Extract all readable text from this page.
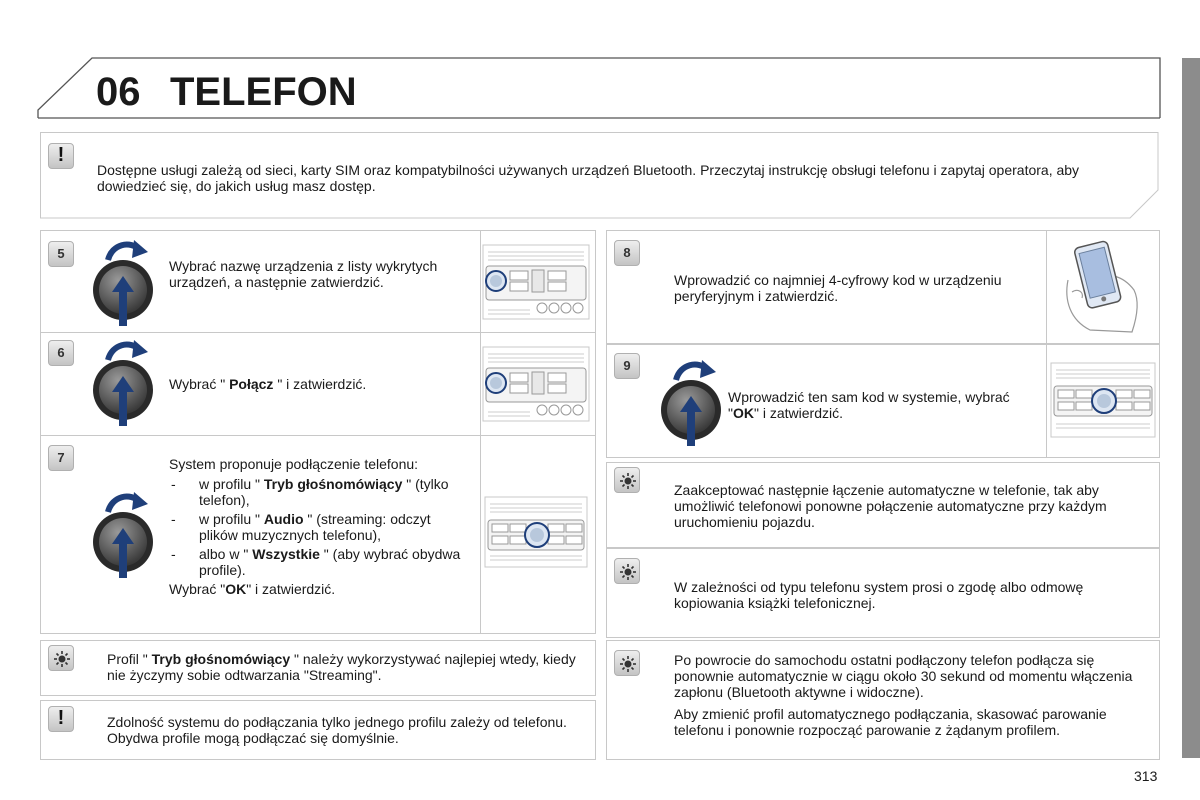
06 TELEFON
!
Dostępne usługi zależą od sieci, karty SIM oraz kompatybilności używanych urządzeń Bluetooth. Przeczytaj instrukcję obsługi telefonu i zapytaj operatora, aby dowiedzieć się, do jakich usług masz dostęp.
5
Wybrać nazwę urządzenia z listy wykrytych urządzeń, a następnie zatwierdzić.
6
Wybrać " Połącz " i zatwierdzić.
7	System proponuje podłączenie telefonu:
- w profilu " Tryb głośnomówiący " (tylko telefon),
- w profilu " Audio " (streaming: odczyt plików muzycznych telefonu),
- albo w " Wszystkie " (aby wybrać obydwa profile).
Wybrać "OK" i zatwierdzić.
Profil " Tryb głośnomówiący " należy wykorzystywać najlepiej wtedy, kiedy nie życzymy sobie odtwarzania "Streaming".
!	Zdolność systemu do podłączania tylko jednego profilu zależy od telefonu. Obydwa profile mogą podłączać się domyślnie.
8
Wprowadzić co najmniej 4-cyfrowy kod w urządzeniu peryferyjnym i zatwierdzić.
9
Wprowadzić ten sam kod w systemie, wybrać "OK" i zatwierdzić.
Zaakceptować następnie łączenie automatyczne w telefonie, tak aby umożliwić telefonowi ponowne połączenie automatyczne przy każdym uruchomieniu pojazdu.
W zależności od typu telefonu system prosi o zgodę albo odmowę kopiowania książki telefonicznej.
Po powrocie do samochodu ostatni podłączony telefon podłącza się ponownie automatycznie w ciągu około 30 sekund od momentu włączenia zapłonu (Bluetooth aktywne i widoczne).
Aby zmienić profil automatycznego podłączania, skasować parowanie telefonu i ponownie rozpocząć parowanie z żądanym profilem.
313
